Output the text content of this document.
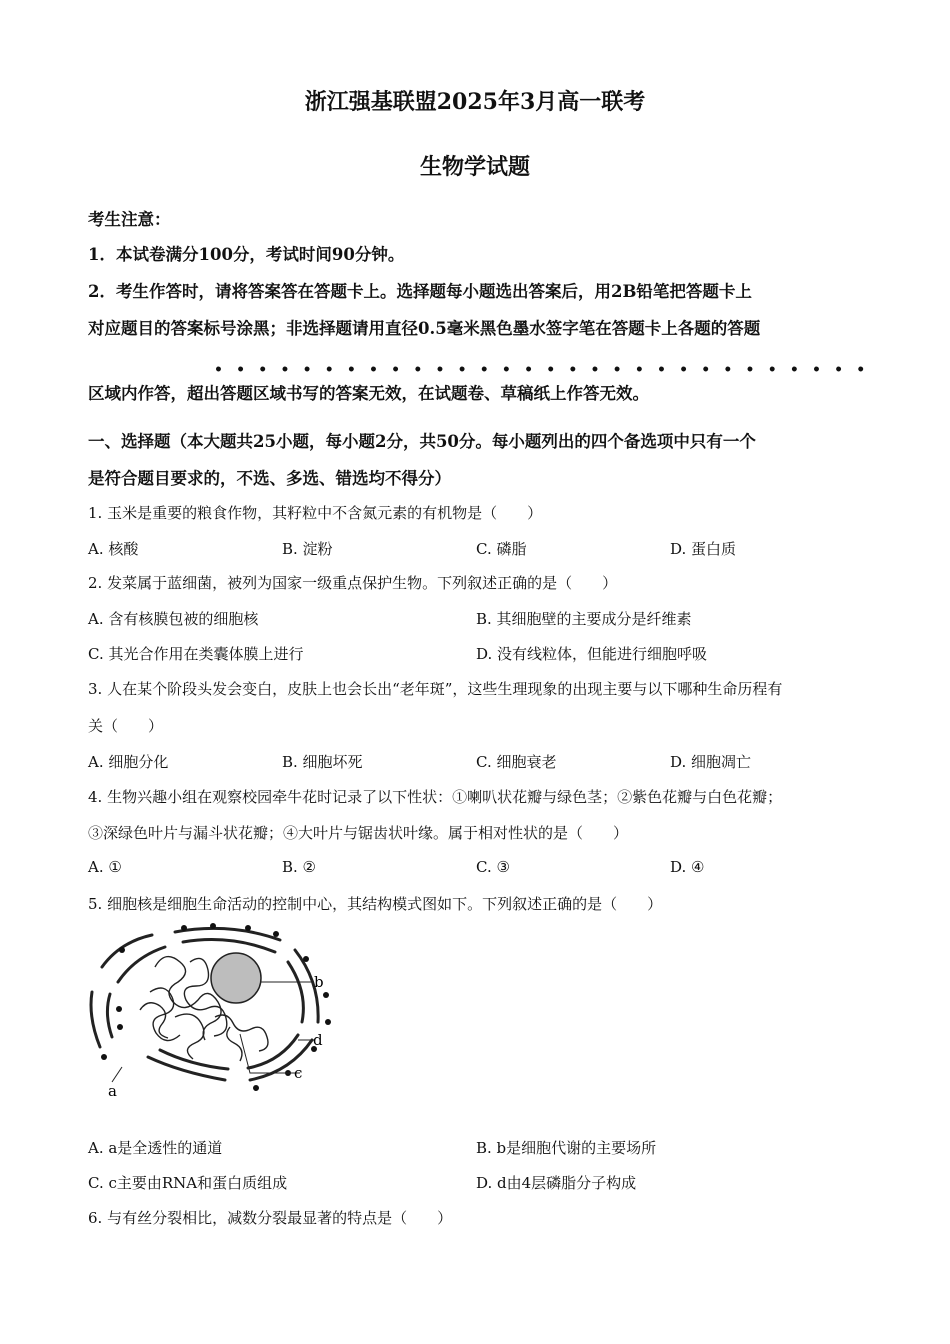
浙江强基联盟2025年3月高一联考
生物学试题
考生注意：
1．本试卷满分100分，考试时间90分钟。
2．考生作答时，请将答案答在答题卡上。选择题每小题选出答案后，用2B铅笔把答题卡上
对应题目的答案标号涂黑；非选择题请用直径0.5毫米黑色墨水签字笔在答题卡上各题的答题
••••••••••••••••••••••••••••••
区域内作答，超出答题区域书写的答案无效，在试题卷、草稿纸上作答无效。
一、选择题（本大题共25小题，每小题2分，共50分。每小题列出的四个备选项中只有一个
是符合题目要求的，不选、多选、错选均不得分）
1. 玉米是重要的粮食作物，其籽粒中不含氮元素的有机物是（　　）
A. 核酸	B. 淀粉	C. 磷脂	D. 蛋白质
2. 发菜属于蓝细菌，被列为国家一级重点保护生物。下列叙述正确的是（　　）
A. 含有核膜包被的细胞核	B. 其细胞壁的主要成分是纤维素
C. 其光合作用在类囊体膜上进行	D. 没有线粒体，但能进行细胞呼吸
3. 人在某个阶段头发会变白，皮肤上也会长出“老年斑”，这些生理现象的出现主要与以下哪种生命历程有
关（　　）
A. 细胞分化	B. 细胞坏死	C. 细胞衰老	D. 细胞凋亡
4. 生物兴趣小组在观察校园牵牛花时记录了以下性状：①喇叭状花瓣与绿色茎；②紫色花瓣与白色花瓣；
③深绿色叶片与漏斗状花瓣；④大叶片与锯齿状叶缘。属于相对性状的是（　　）
A. ①	B. ②	C. ③	D. ④
5. 细胞核是细胞生命活动的控制中心，其结构模式图如下。下列叙述正确的是（　　）
b
d
c
a
A. a是全透性的通道	B. b是细胞代谢的主要场所
C. c主要由RNA和蛋白质组成	D. d由4层磷脂分子构成
6. 与有丝分裂相比，减数分裂最显著的特点是（　　）
